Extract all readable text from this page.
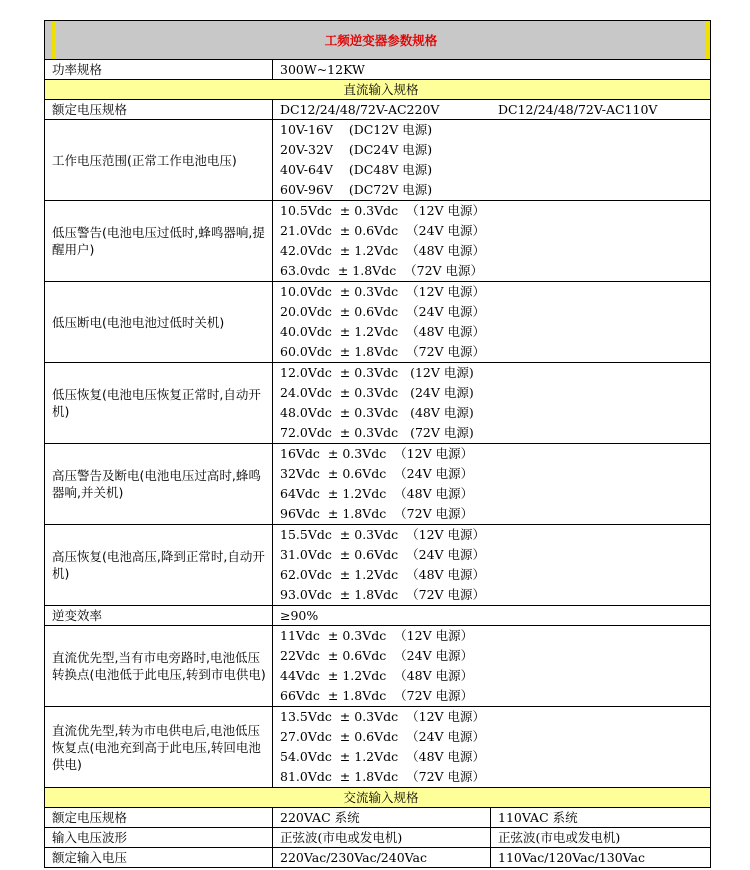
工频逆变器参数规格		

功率规格	300W~12KW	
直流输入规格		
额定电压规格	DC12/24/48/72V-AC220V DC12/24/48/72V-AC110V	
工作电压范围(正常工作电池电压)	10V-16V    (DC12V 电源)
20V-32V    (DC24V 电源)
40V-64V    (DC48V 电源)
60V-96V    (DC72V 电源)	

低压警告(电池电压过低时,蜂鸣器响,提醒用户)	10.5Vdc  ± 0.3Vdc  （12V 电源）
21.0Vdc  ± 0.6Vdc  （24V 电源）
42.0Vdc  ± 1.2Vdc  （48V 电源）
63.0vdc  ± 1.8Vdc  （72V 电源）	

低压断电(电池电池过低时关机)	10.0Vdc  ± 0.3Vdc  （12V 电源）
20.0Vdc  ± 0.6Vdc  （24V 电源）
40.0Vdc  ± 1.2Vdc  （48V 电源）
60.0Vdc  ± 1.8Vdc  （72V 电源）	

低压恢复(电池电压恢复正常时,自动开机)	12.0Vdc  ± 0.3Vdc   (12V 电源)
24.0Vdc  ± 0.3Vdc   (24V 电源)
48.0Vdc  ± 0.3Vdc   (48V 电源)
72.0Vdc  ± 0.3Vdc   (72V 电源)	

高压警告及断电(电池电压过高时,蜂鸣器响,并关机)	16Vdc  ± 0.3Vdc  （12V 电源）
32Vdc  ± 0.6Vdc  （24V 电源）
64Vdc  ± 1.2Vdc  （48V 电源）
96Vdc  ± 1.8Vdc  （72V 电源）	

高压恢复(电池高压,降到正常时,自动开机)	15.5Vdc  ± 0.3Vdc  （12V 电源）
31.0Vdc  ± 0.6Vdc  （24V 电源）
62.0Vdc  ± 1.2Vdc  （48V 电源）
93.0Vdc  ± 1.8Vdc  （72V 电源）	

逆变效率	≥90%	
直流优先型,当有市电旁路时,电池低压转换点(电池低于此电压,转到市电供电)	11Vdc  ± 0.3Vdc  （12V 电源）
22Vdc  ± 0.6Vdc  （24V 电源）
44Vdc  ± 1.2Vdc  （48V 电源）
66Vdc  ± 1.8Vdc  （72V 电源）	

直流优先型,转为市电供电后,电池低压恢复点(电池充到高于此电压,转回电池供电)	13.5Vdc  ± 0.3Vdc  （12V 电源）
27.0Vdc  ± 0.6Vdc  （24V 电源）
54.0Vdc  ± 1.2Vdc  （48V 电源）
81.0Vdc  ± 1.8Vdc  （72V 电源）	

交流输入规格		
额定电压规格	220VAC 系统	110VAC 系统
输入电压波形	正弦波(市电或发电机)	正弦波(市电或发电机)
额定输入电压	220Vac/230Vac/240Vac	110Vac/120Vac/130Vac
